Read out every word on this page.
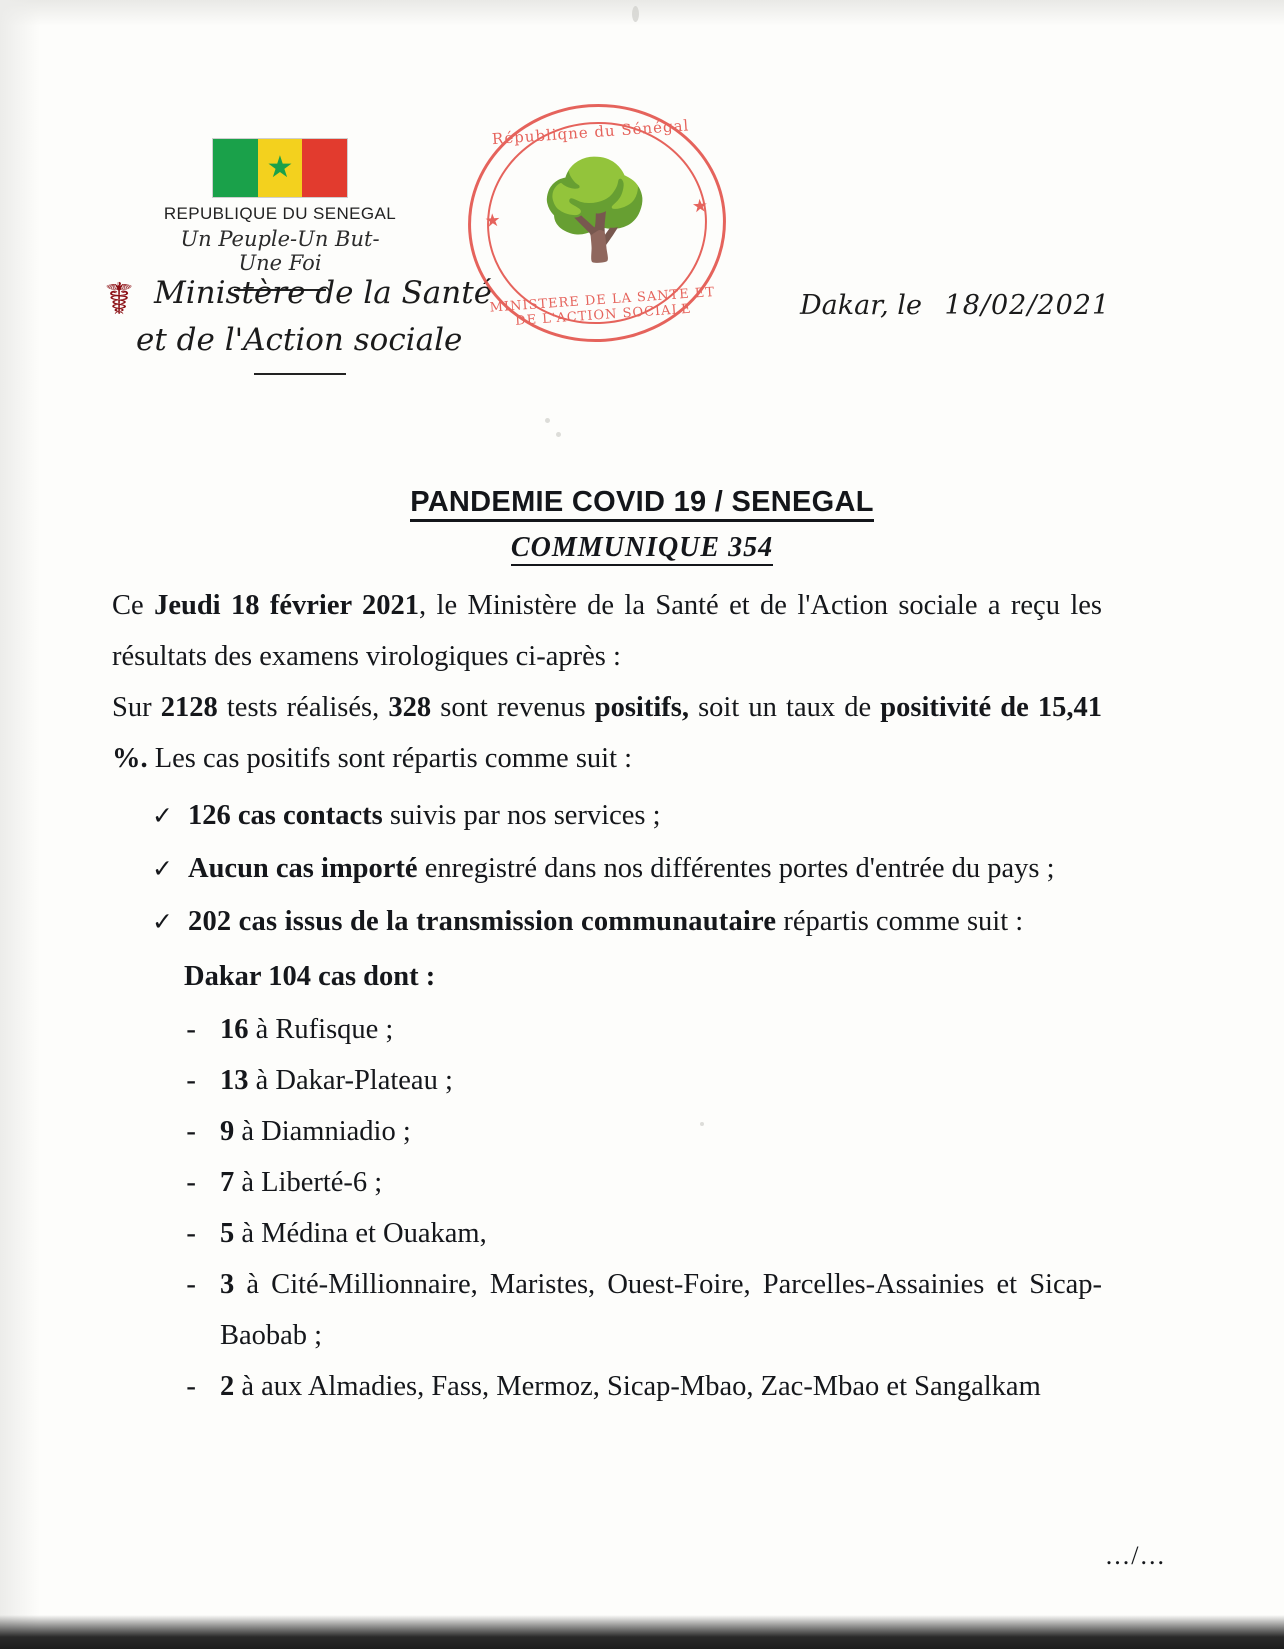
★
REPUBLIQUE DU SENEGAL
Un Peuple-Un But-Une Foi
☤ Ministère de la Santé
et de l'Action sociale
Républiqne du Sénégal
★
★
🌳
MINISTERE DE LA SANTE ET DE L'ACTION SOCIALE	Dakar, le 18/02/2021
PANDEMIE COVID 19 / SENEGAL
COMMUNIQUE 354
Ce Jeudi 18 février 2021, le Ministère de la Santé et de l'Action sociale a reçu les résultats des examens virologiques ci-après :
Sur 2128 tests réalisés, 328 sont revenus positifs, soit un taux de positivité de 15,41 %. Les cas positifs sont répartis comme suit :
✓ 126 cas contacts suivis par nos services ;
✓ Aucun cas importé enregistré dans nos différentes portes d'entrée du pays ;
✓ 202 cas issus de la transmission communautaire répartis comme suit :
Dakar 104 cas dont :
- 16 à Rufisque ;
- 13 à Dakar-Plateau ;
- 9 à Diamniadio ;
- 7 à Liberté-6 ;
- 5 à Médina et Ouakam,
- 3 à Cité-Millionnaire, Maristes, Ouest-Foire, Parcelles-Assainies et Sicap-Baobab ;
- 2 à aux Almadies, Fass, Mermoz, Sicap-Mbao, Zac-Mbao et Sangalkam
.../...
